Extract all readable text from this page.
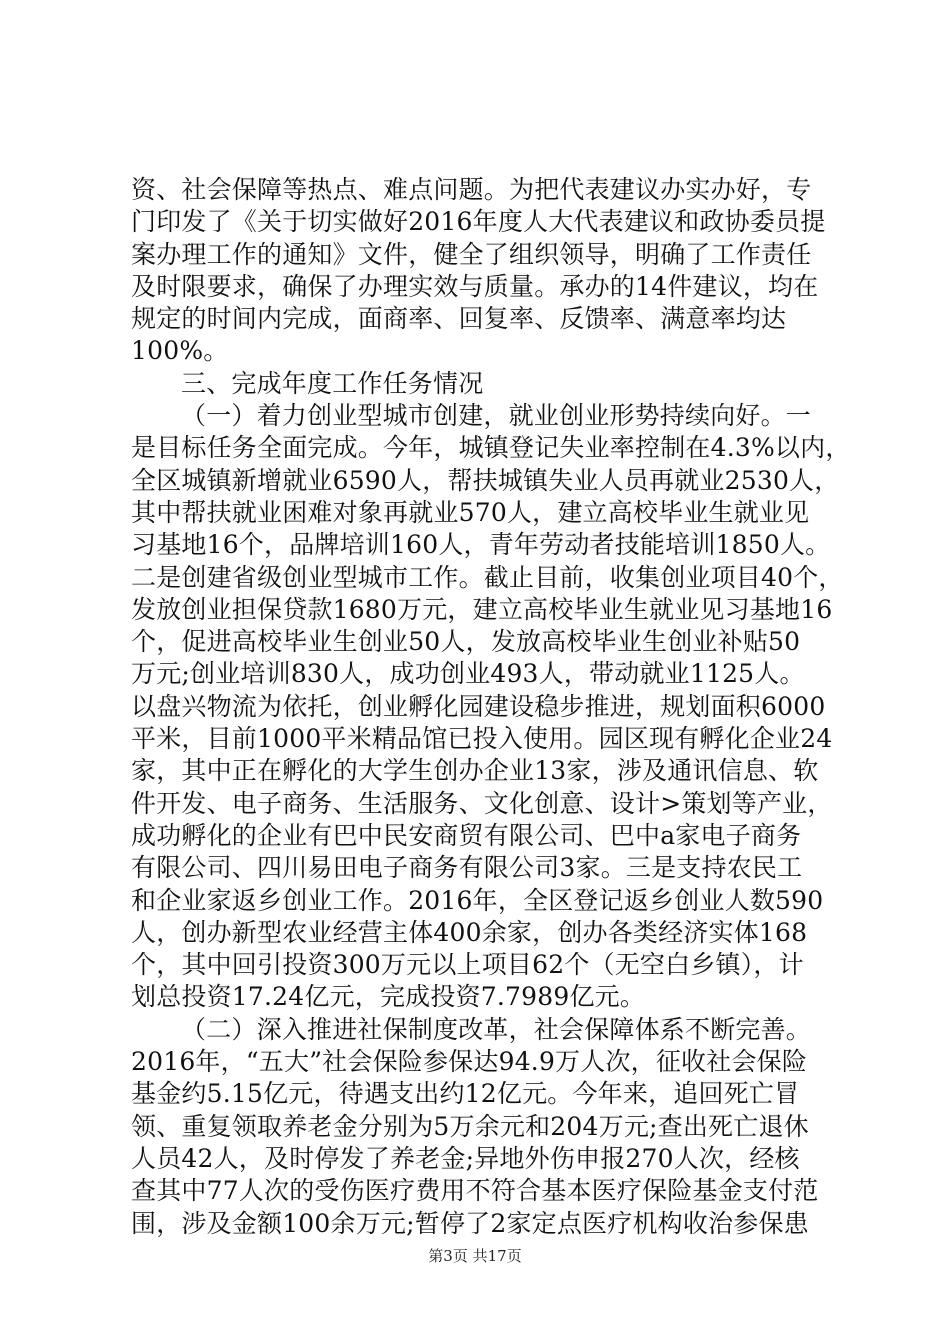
资、社会保障等热点、难点问题。为把代表建议办实办好，专
门印发了《关于切实做好2016年度人大代表建议和政协委员提
案办理工作的通知》文件，健全了组织领导，明确了工作责任
及时限要求，确保了办理实效与质量。承办的14件建议，均在
规定的时间内完成，面商率、回复率、反馈率、满意率均达
100%。
三、完成年度工作任务情况
（一）着力创业型城市创建，就业创业形势持续向好。一
是目标任务全面完成。今年，城镇登记失业率控制在4.3%以内，
全区城镇新增就业6590人，帮扶城镇失业人员再就业2530人，
其中帮扶就业困难对象再就业570人，建立高校毕业生就业见
习基地16个，品牌培训160人，青年劳动者技能培训1850人。
二是创建省级创业型城市工作。截止目前，收集创业项目40个，
发放创业担保贷款1680万元，建立高校毕业生就业见习基地16
个，促进高校毕业生创业50人，发放高校毕业生创业补贴50
万元;创业培训830人，成功创业493人，带动就业1125人。
以盘兴物流为依托，创业孵化园建设稳步推进，规划面积6000
平米，目前1000平米精品馆已投入使用。园区现有孵化企业24
家，其中正在孵化的大学生创办企业13家，涉及通讯信息、软
件开发、电子商务、生活服务、文化创意、设计>策划等产业，
成功孵化的企业有巴中民安商贸有限公司、巴中a家电子商务
有限公司、四川易田电子商务有限公司3家。三是支持农民工
和企业家返乡创业工作。2016年，全区登记返乡创业人数590
人，创办新型农业经营主体400余家，创办各类经济实体168
个，其中回引投资300万元以上项目62个（无空白乡镇），计
划总投资17.24亿元，完成投资7.7989亿元。
（二）深入推进社保制度改革，社会保障体系不断完善。
2016年，“五大”社会保险参保达94.9万人次，征收社会保险
基金约5.15亿元，待遇支出约12亿元。今年来，追回死亡冒
领、重复领取养老金分别为5万余元和204万元;查出死亡退休
人员42人，及时停发了养老金;异地外伤申报270人次，经核
查其中77人次的受伤医疗费用不符合基本医疗保险基金支付范
围，涉及金额100余万元;暂停了2家定点医疗机构收治参保患
第3页 共17页
